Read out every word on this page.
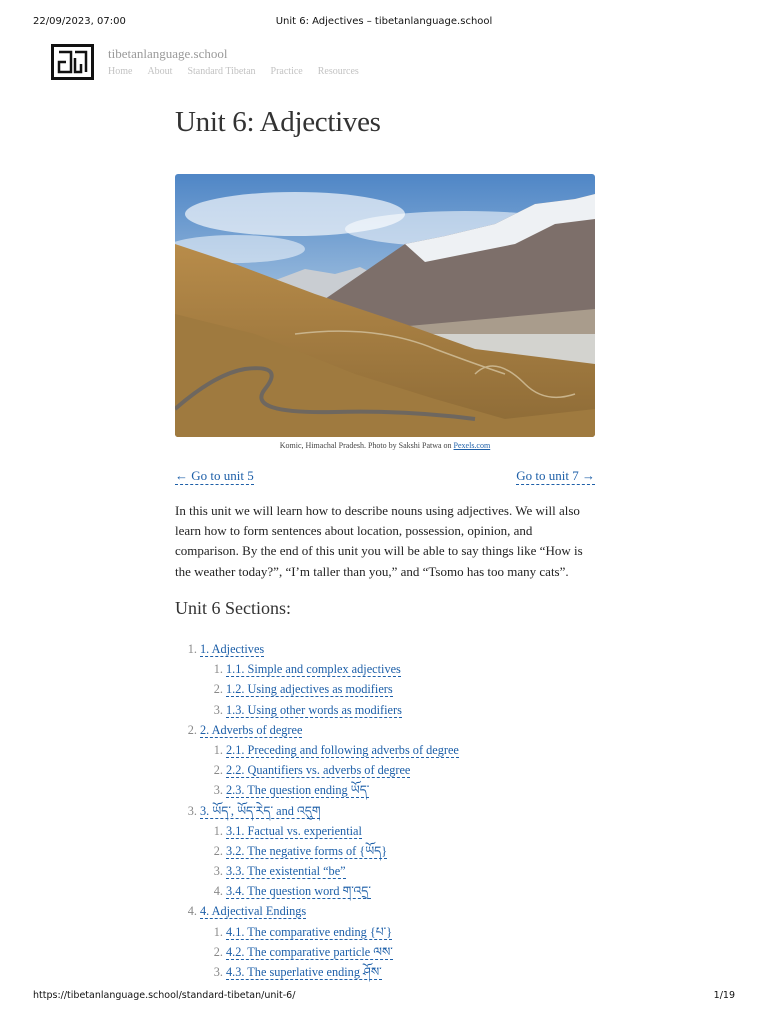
22/09/2023, 07:00	Unit 6: Adjectives – tibetanlanguage.school
tibetanlanguage.school
Home About Standard Tibetan Practice Resources
Unit 6: Adjectives
Komic, Himachal Pradesh. Photo by Sakshi Patwa on Pexels.com
← Go to unit 5	Go to unit 7 →

In this unit we will learn how to describe nouns using adjectives. We will also learn how to form sentences about location, possession, opinion, and comparison. By the end of this unit you will be able to say things like “How is the weather today?”, “I’m taller than you,” and “Tsomo has too many cats”.

Unit 6 Sections:
1. 1. Adjectives
1. 1.1. Simple and complex adjectives
2. 1.2. Using adjectives as modifiers
3. 1.3. Using other words as modifiers
2. 2. Adverbs of degree
1. 2.1. Preceding and following adverbs of degree
2. 2.2. Quantifiers vs. adverbs of degree
3. 2.3. The question ending ཡོད་
3. 3. ཡོད་, ཡོད་རེད་ and འདུག
1. 3.1. Factual vs. experiential
2. 3.2. The negative forms of {ཡོད}
3. 3.3. The existential “be”
4. 3.4. The question word ག་འདྲ་
4. 4. Adjectival Endings
1. 4.1. The comparative ending {པ་}
2. 4.2. The comparative particle ལས་
3. 4.3. The superlative ending ཤོས་
https://tibetanlanguage.school/standard-tibetan/unit-6/	1/19
